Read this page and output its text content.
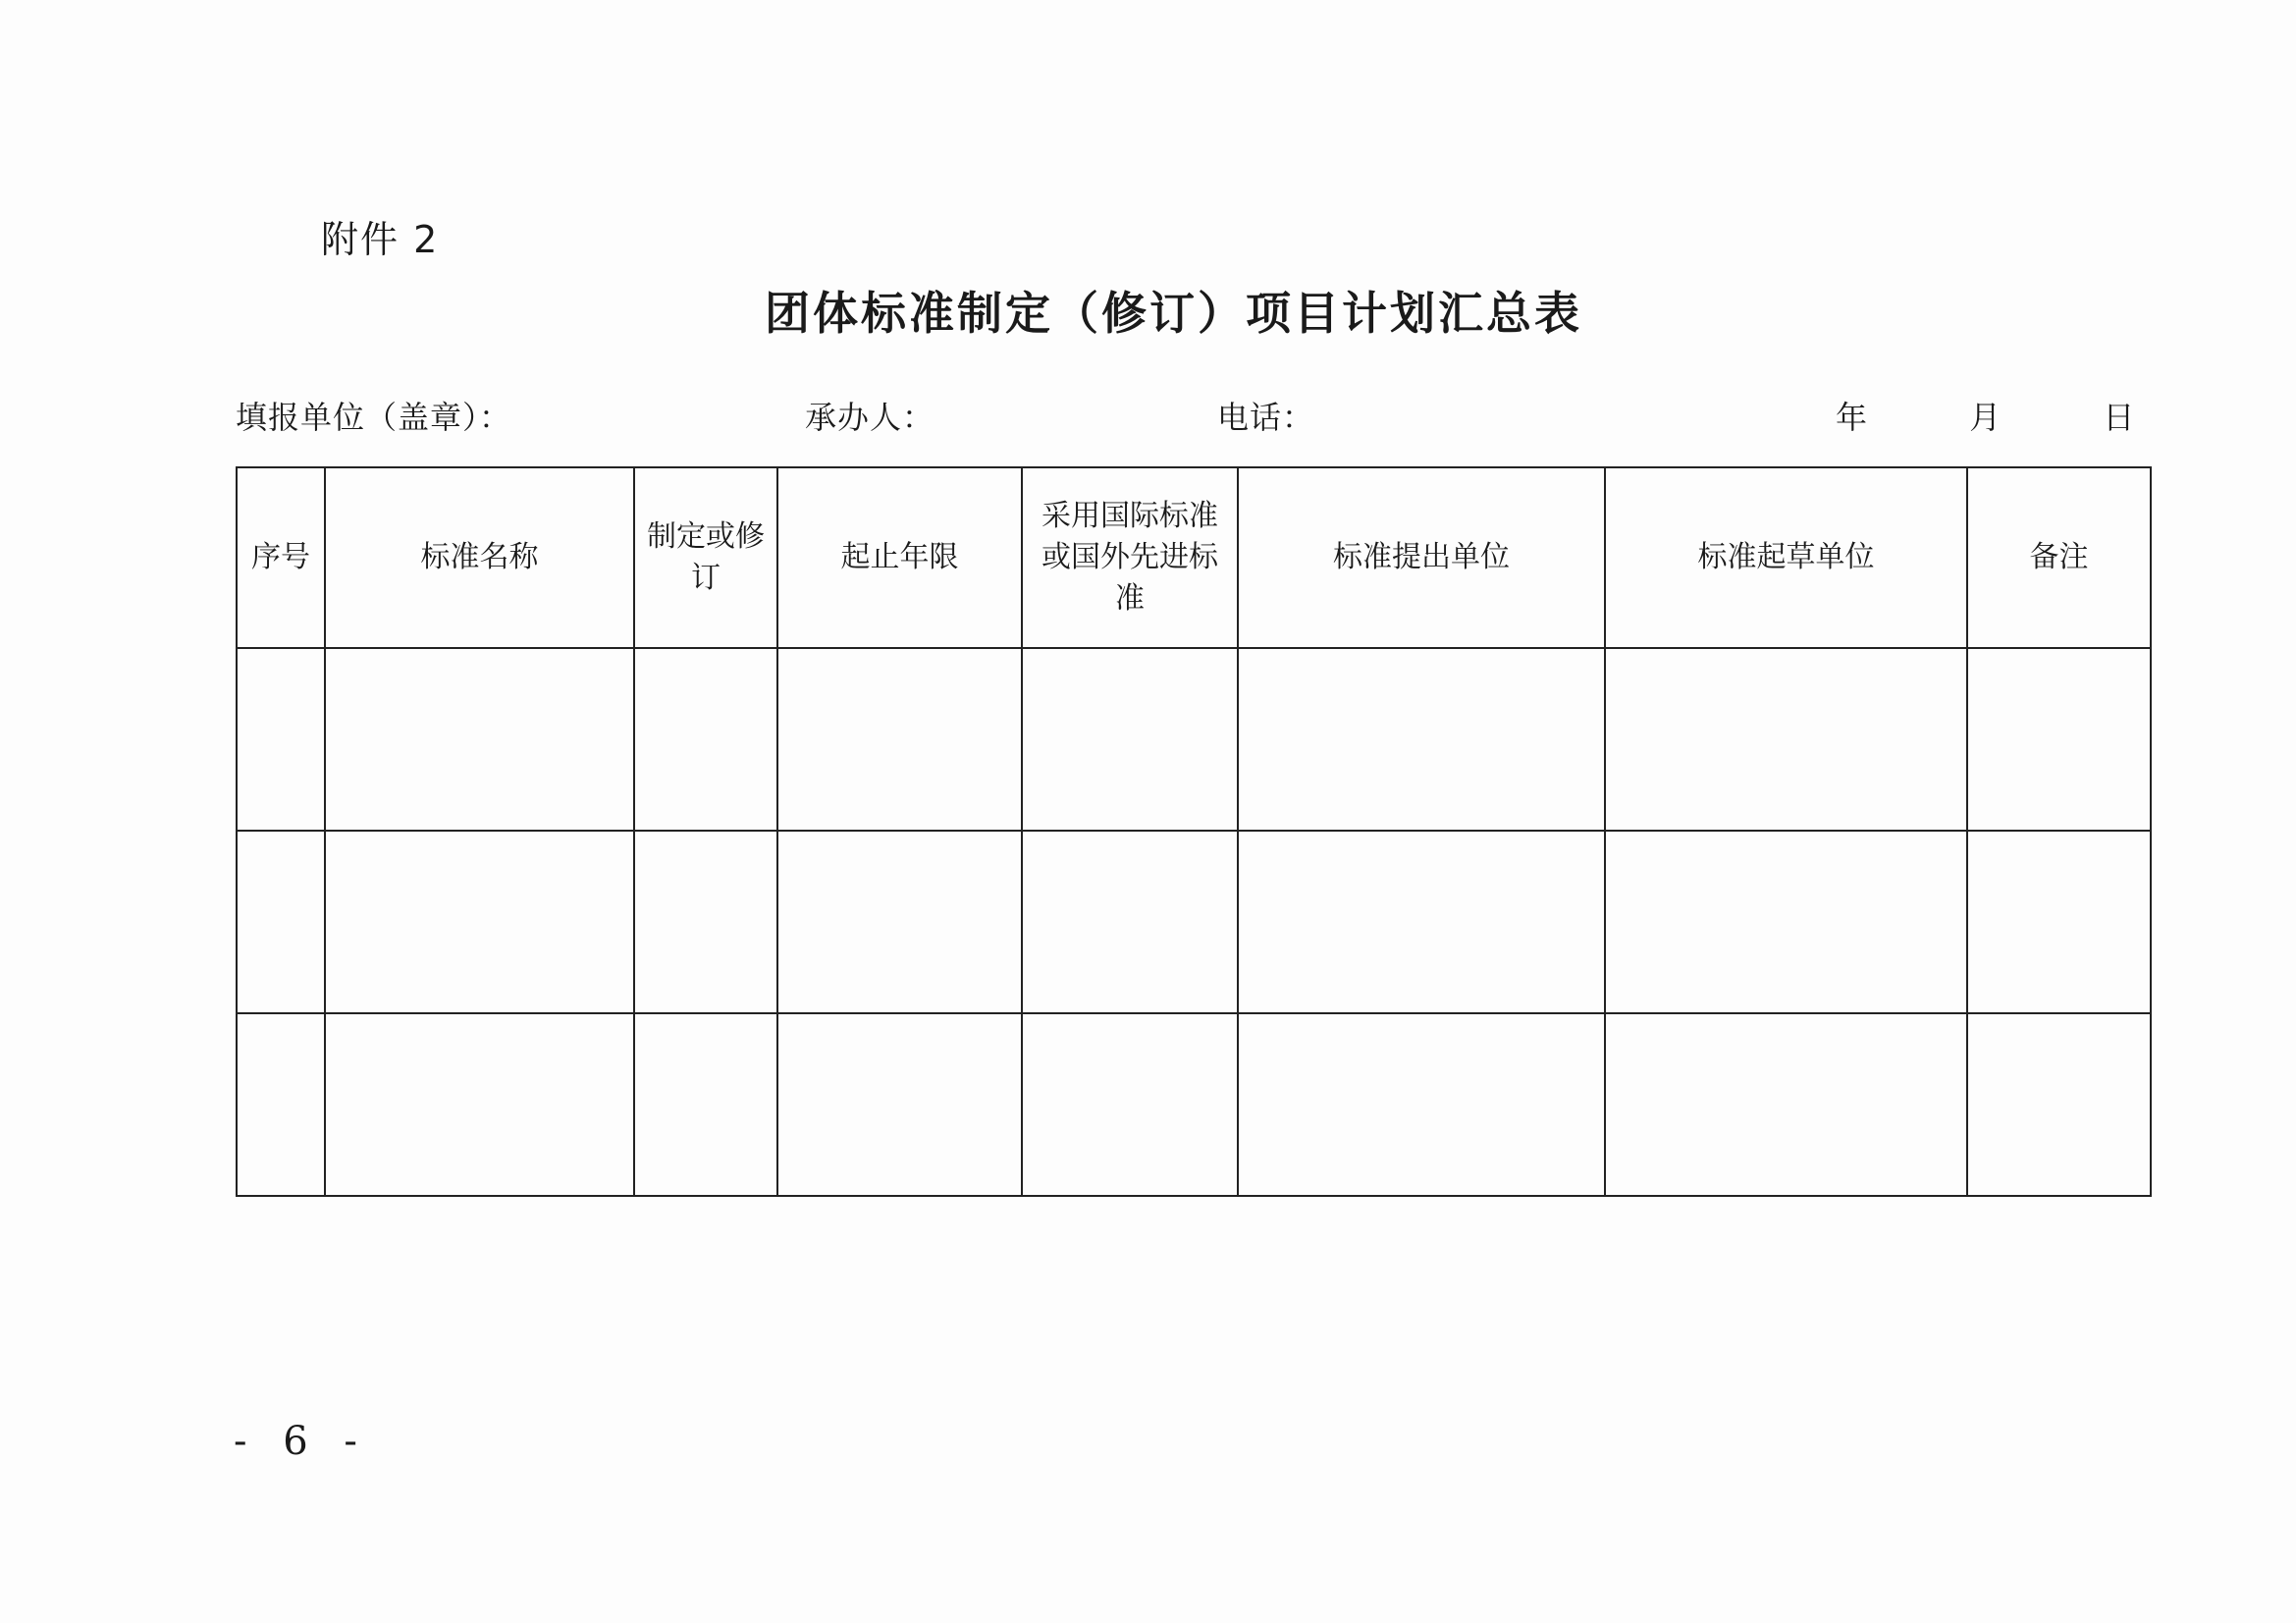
附件 2
团体标准制定（修订）项目计划汇总表
填报单位（盖章）：	承办人：	电话：	年	月	日
序号	标准名称	制定或修订	起止年限	采用国际标准或国外先进标准	标准提出单位	标准起草单位	备注

- 6 -
